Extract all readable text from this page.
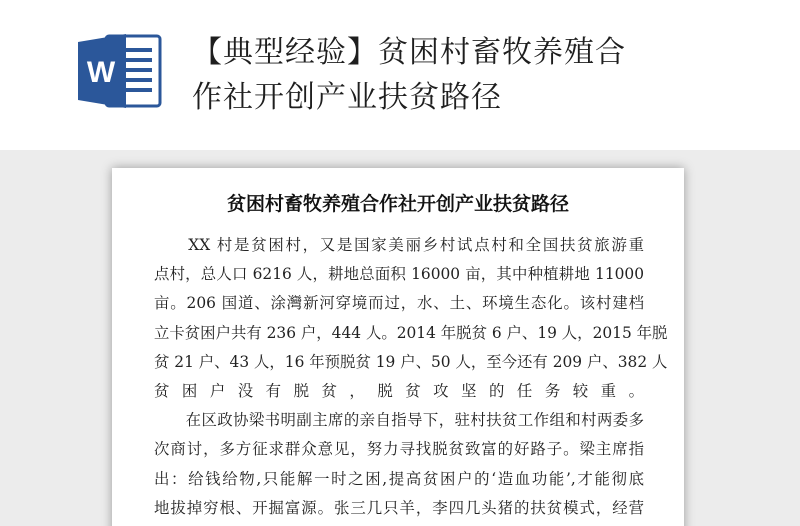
W
【典型经验】贫困村畜牧养殖合
作社开创产业扶贫路径
贫困村畜牧养殖合作社开创产业扶贫路径
　　XX 村是贫困村，又是国家美丽乡村试点村和全国扶贫旅游重
点村，总人口 6216 人，耕地总面积 16000 亩，其中种植耕地 11000
亩。206 国道、涂灣新河穿境而过，水、土、环境生态化。该村建档
立卡贫困户共有 236 户，444 人。2014 年脱贫 6 户、19 人，2015 年脱
贫 21 户、43 人，16 年预脱贫 19 户、50 人，至今还有 209 户、382 人
贫困户没有脱贫，脱贫攻坚的任务较重。
　　在区政协梁书明副主席的亲自指导下，驻村扶贫工作组和村两委多
次商讨，多方征求群众意见，努力寻找脱贫致富的好路子。梁主席指
出：给钱给物,只能解一时之困,提高贫困户的‘造血功能’,才能彻底
地拔掉穷根、开掘富源。张三几只羊，李四几头猪的扶贫模式，经营
